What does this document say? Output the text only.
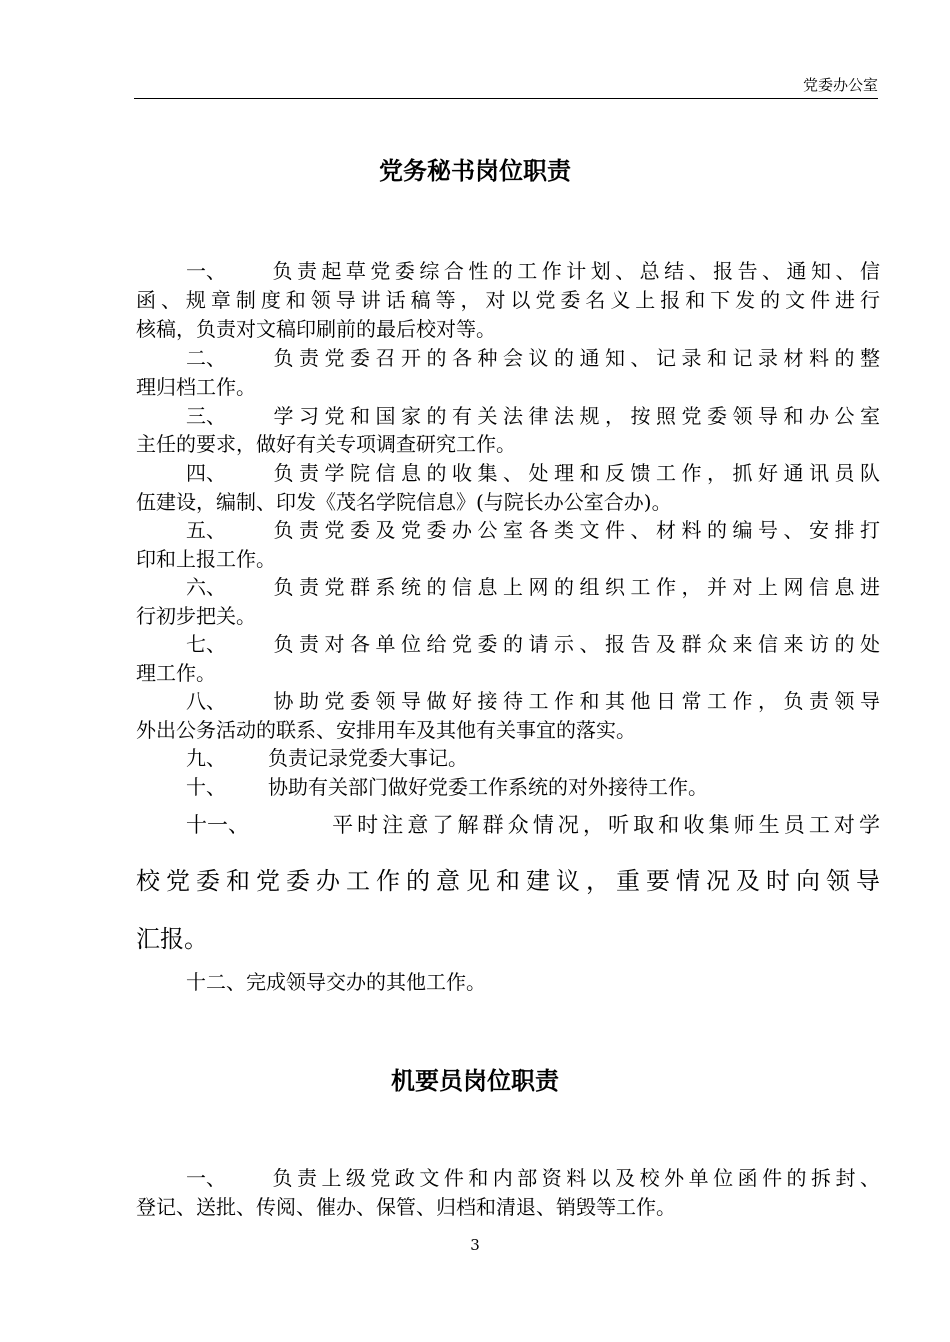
党委办公室
党务秘书岗位职责
一、 负责起草党委综合性的工作计划、总结、报告、通知、信
函、规章制度和领导讲话稿等，对以党委名义上报和下发的文件进行
核稿，负责对文稿印刷前的最后校对等。
二、 负责党委召开的各种会议的通知、记录和记录材料的整
理归档工作。
三、 学习党和国家的有关法律法规，按照党委领导和办公室
主任的要求，做好有关专项调查研究工作。
四、 负责学院信息的收集、处理和反馈工作，抓好通讯员队
伍建设，编制、印发《茂名学院信息》(与院长办公室合办)。
五、 负责党委及党委办公室各类文件、材料的编号、安排打
印和上报工作。
六、 负责党群系统的信息上网的组织工作，并对上网信息进
行初步把关。
七、 负责对各单位给党委的请示、报告及群众来信来访的处
理工作。
八、 协助党委领导做好接待工作和其他日常工作，负责领导
外出公务活动的联系、安排用车及其他有关事宜的落实。
九、 负责记录党委大事记。
十、 协助有关部门做好党委工作系统的对外接待工作。
十一、	平时注意了解群众情况，听取和收集师生员工对学
校党委和党委办工作的意见和建议，重要情况及时向领导
汇报。
十二、完成领导交办的其他工作。
机要员岗位职责
一、 负责上级党政文件和内部资料以及校外单位函件的拆封、
登记、送批、传阅、催办、保管、归档和清退、销毁等工作。
3
